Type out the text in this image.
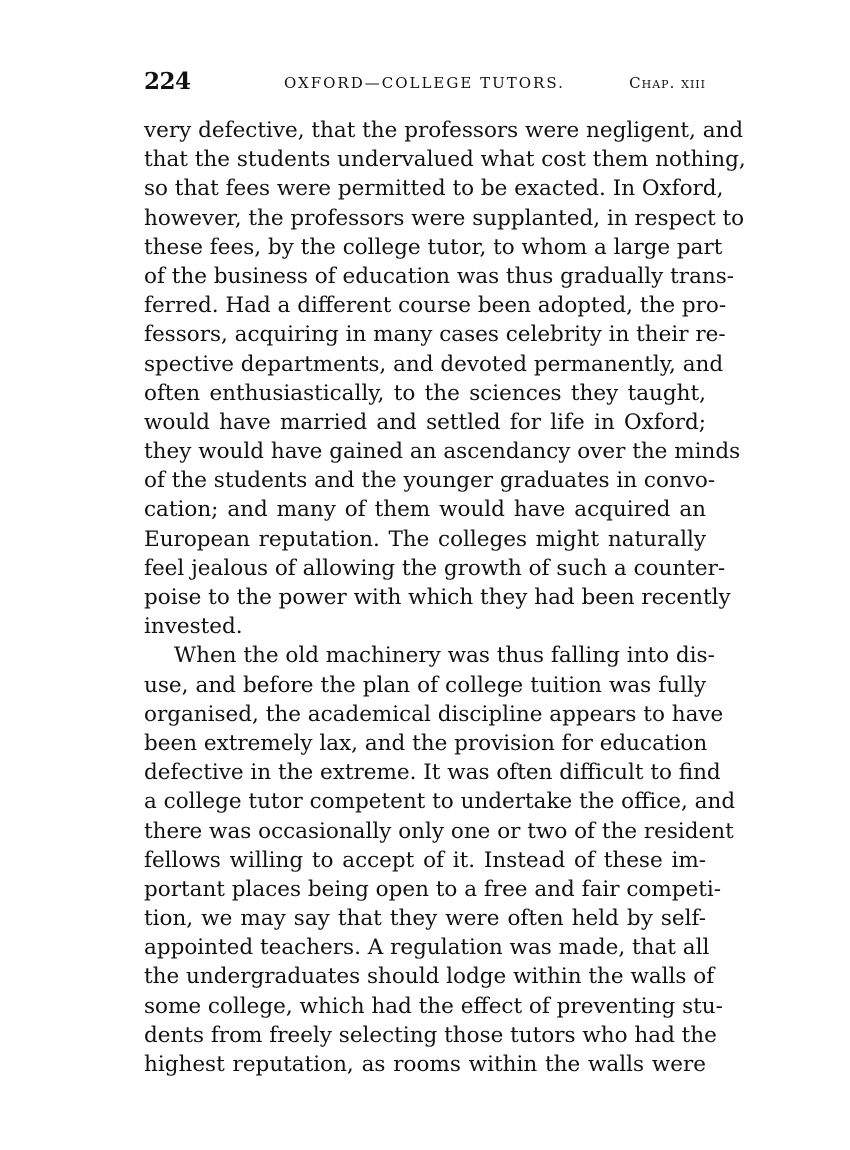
224	OXFORD—COLLEGE TUTORS.	Chap. xiii
very defective, that the professors were negligent, and
that the students undervalued what cost them nothing,
so that fees were permitted to be exacted. In Oxford,
however, the professors were supplanted, in respect to
these fees, by the college tutor, to whom a large part
of the business of education was thus gradually trans-
ferred. Had a different course been adopted, the pro-
fessors, acquiring in many cases celebrity in their re-
spective departments, and devoted permanently, and
often enthusiastically, to the sciences they taught,
would have married and settled for life in Oxford;
they would have gained an ascendancy over the minds
of the students and the younger graduates in convo-
cation; and many of them would have acquired an
European reputation. The colleges might naturally
feel jealous of allowing the growth of such a counter-
poise to the power with which they had been recently
invested.
When the old machinery was thus falling into dis-
use, and before the plan of college tuition was fully
organised, the academical discipline appears to have
been extremely lax, and the provision for education
defective in the extreme. It was often difficult to find
a college tutor competent to undertake the office, and
there was occasionally only one or two of the resident
fellows willing to accept of it. Instead of these im-
portant places being open to a free and fair competi-
tion, we may say that they were often held by self-
appointed teachers. A regulation was made, that all
the undergraduates should lodge within the walls of
some college, which had the effect of preventing stu-
dents from freely selecting those tutors who had the
highest reputation, as rooms within the walls were
